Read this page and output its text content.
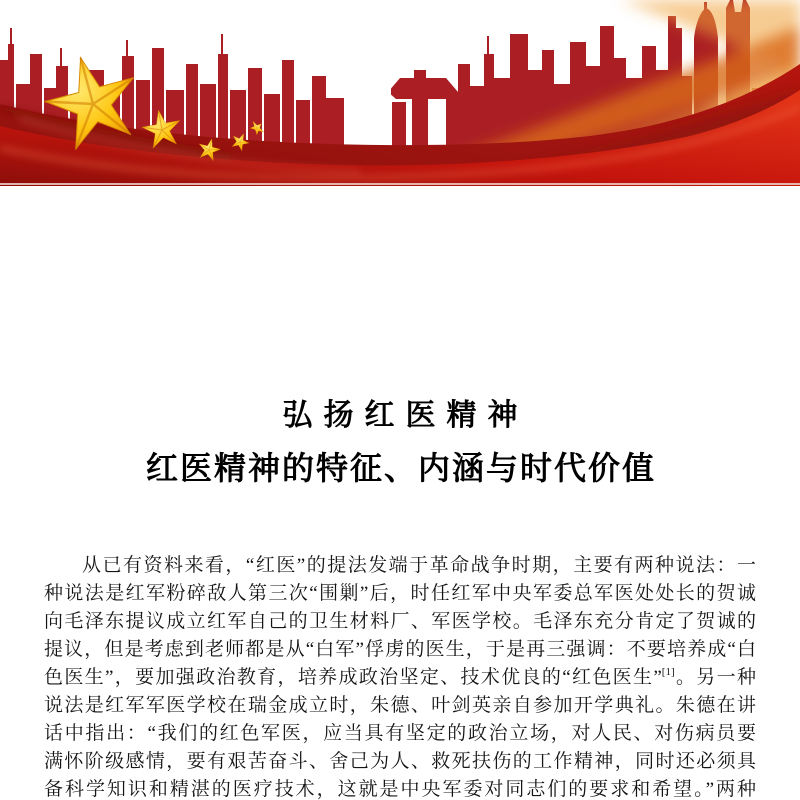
弘扬红医精神
红医精神的特征、内涵与时代价值
从已有资料来看，“红医”的提法发端于革命战争时期，主要有两种说法：一
种说法是红军粉碎敌人第三次“围剿”后，时任红军中央军委总军医处处长的贺诚
向毛泽东提议成立红军自己的卫生材料厂、军医学校。毛泽东充分肯定了贺诚的
提议，但是考虑到老师都是从“白军”俘虏的医生，于是再三强调：不要培养成“白
色医生”，要加强政治教育，培养成政治坚定、技术优良的“红色医生”[1]。另一种
说法是红军军医学校在瑞金成立时，朱德、叶剑英亲自参加开学典礼。朱德在讲
话中指出：“我们的红色军医，应当具有坚定的政治立场，对人民、对伤病员要
满怀阶级感情，要有艰苦奋斗、舍己为人、救死扶伤的工作精神，同时还必须具
备科学知识和精湛的医疗技术，这就是中央军委对同志们的要求和希望。”两种
